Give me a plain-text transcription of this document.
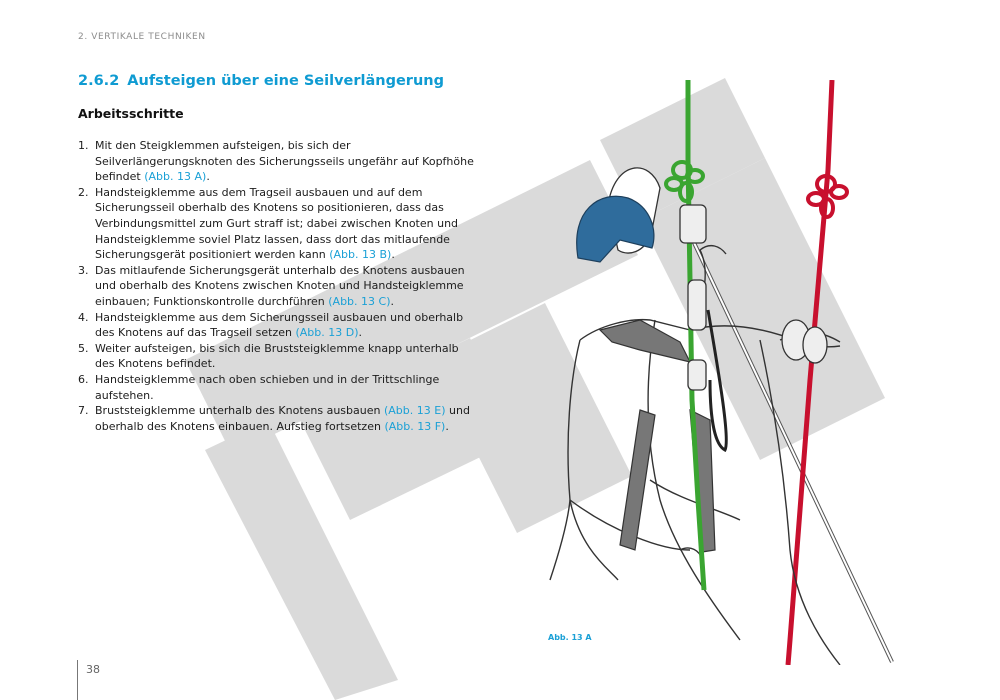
2. VERTIKALE TECHNIKEN
2.6.2 Aufsteigen über eine Seilverlängerung
Arbeitsschritte
1. Mit den Steigklemmen aufsteigen, bis sich der Seilverlängerungsknoten des Sicherungsseils ungefähr auf Kopfhöhe befindet (Abb. 13 A).
2. Handsteigklemme aus dem Tragseil ausbauen und auf dem Sicherungsseil oberhalb des Knotens so positionieren, dass das Verbindungsmittel zum Gurt straff ist; dabei zwischen Knoten und Handsteigklemme soviel Platz lassen, dass dort das mitlaufende Sicherungsgerät positioniert werden kann (Abb. 13 B).
3. Das mitlaufende Sicherungsgerät unterhalb des Knotens ausbauen und oberhalb des Knotens zwischen Knoten und Handsteigklemme einbauen; Funktionskontrolle durchführen (Abb. 13 C).
4. Handsteigklemme aus dem Sicherungsseil ausbauen und oberhalb des Knotens auf das Tragseil setzen (Abb. 13 D).
5. Weiter aufsteigen, bis sich die Bruststeigklemme knapp unterhalb des Knotens befindet.
6. Handsteigklemme nach oben schieben und in der Trittschlinge aufstehen.
7. Bruststeigklemme unterhalb des Knotens ausbauen (Abb. 13 E) und oberhalb des Knotens einbauen. Aufstieg fortsetzen (Abb. 13 F).
Abb. 13 A
38
